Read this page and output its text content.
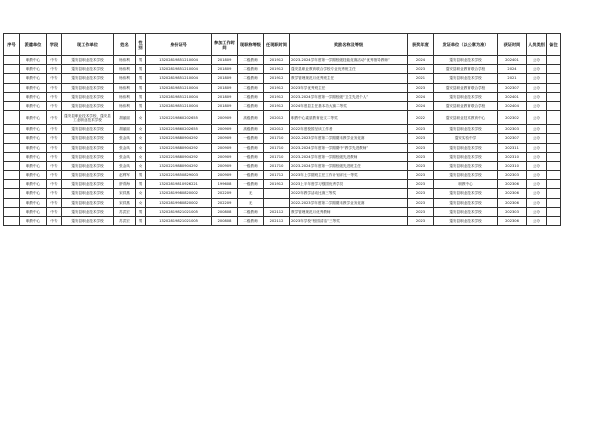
序号	派遣单位	学段	现工作单位	姓名	性别	身份证号	参加工作时间	现职称等级	任现职时间	奖励名称及等级	获奖年度	发证单位（以公章为准）	获证时间	人员类别	备注
	职教中心	中专	蓬安县职业技术学校	杨伟利	男	13202819851210004	201809	二级教师	201912	2023-2024学年度第一学期校级技能竞赛活动“优秀指导教师”	2024	蓬安县职业技术学校	202401	公办	
	职教中心	中专	蓬安县职业技术学校	杨伟利	男	13202819851210004	201809	二级教师	201912	蓬安县职业教育联合学校专业优秀班主任	2023	蓬安县职业教育联合学校	2024	公办	
	职教中心	中专	蓬安县职业技术学校	杨伟利	男	13202819851210004	201809	二级教师	201912	教学管理规范月优秀班主任	2021	蓬安县职业技术学校	2021	公办	
	职教中心	中专	蓬安县职业技术学校	杨伟利	男	13202819851210004	201809	二级教师	201912	2023年学优秀班主任	2023	蓬安县职业教育联合学校	202307	公办	
	职教中心	中专	蓬安县职业技术学校	杨伟利	男	13202819851210004	201809	二级教师	201912	2023-2024学年度第一学期校级“卫生先进个人”	2024	蓬安县职业技术学校	202401	公办	
	职教中心	中专	蓬安县职业技术学校	杨伟利	男	13202819851210004	201809	二级教师	201912	2024年度县主任基本功大赛二等奖	2024	蓬安县职业教育联合学校	202404	公办	
	职教中心	中专	蓬安县职业技术学校、蓬安县工业职业技术学校	胡丽丽	女	13202219860202655	200909	高级教师	202012	职教中心素质教育论文二等奖	2022	蓬安县职业技术教育中心	202302	公办	
	职教中心	中专	蓬安县职业技术学校	胡丽丽	女	13202219860202655	200909	高级教师	202012	2022年度校园呈读工作者	2023	蓬安县职业技术学校	202303	公办	
	职教中心	中专	蓬安县职业技术学校	张金凤	女	13202219880904292	200909	一级教师	201710	2022-2023学年度第二学期期末教学业务竞赛	2023	蓬安实验中学	202307	公办	
	职教中心	中专	蓬安县职业技术学校	张金凤	女	13202219880904292	200909	一级教师	201710	2023-2024学年度第一学期期中“教学先进教师”	2023	蓬安县职业技术学校	202311	公办	
	职教中心	中专	蓬安县职业技术学校	张金凤	女	13202219880904292	200909	一级教师	201710	2023-2024学年度第一学期校级先进教师	2023	蓬安县职业技术学校	202310	公办	
	职教中心	中专	蓬安县职业技术学校	张金凤	女	13202219880904292	200909	一级教师	201710	2023-2024学年度第一学期校级先进班主任	2023	蓬安县职业技术学校	202310	公办	
	职教中心	中专	蓬安县职业技术学校	赵利军	男	13202219850829003	200909	一级教师	201712	2023年上学期班主任工作计划评比一等奖	2023	蓬安县职业技术学校	202303	公办	
	职教中心	中专	蓬安县职业技术学校	舒青海	男	13202819810926221	199608	一级教师	201912	2023上半年度学习强国优秀学员	2023	职教中心	202306	公办	
	职教中心	中专	蓬安县职业技术学校	宋祥燕	女	13202819980820002	202209	无		2022年教学活动比赛三等奖	2023	蓬安县职业技术学校	202306	公办	
	职教中心	中专	蓬安县职业技术学校	宋祥燕	女	13202819980820002	202209	无		2022-2023学年度第二学期期末教学业务竞赛	2023	蓬安县职业技术学校	202306	公办	
	职教中心	中专	蓬安县职业技术学校	苏武宏	男	13202819821021005	200808	二级教师	202112	教学管理规范月优秀教师	2023	蓬安县职业技术学校	202303	公办	
	职教中心	中专	蓬安县职业技术学校	苏武宏	男	13202819821021005	200808	二级教师	202112	2023年学校“校园清洁”三等奖	2023	蓬安县职业技术学校	202306	公办	
